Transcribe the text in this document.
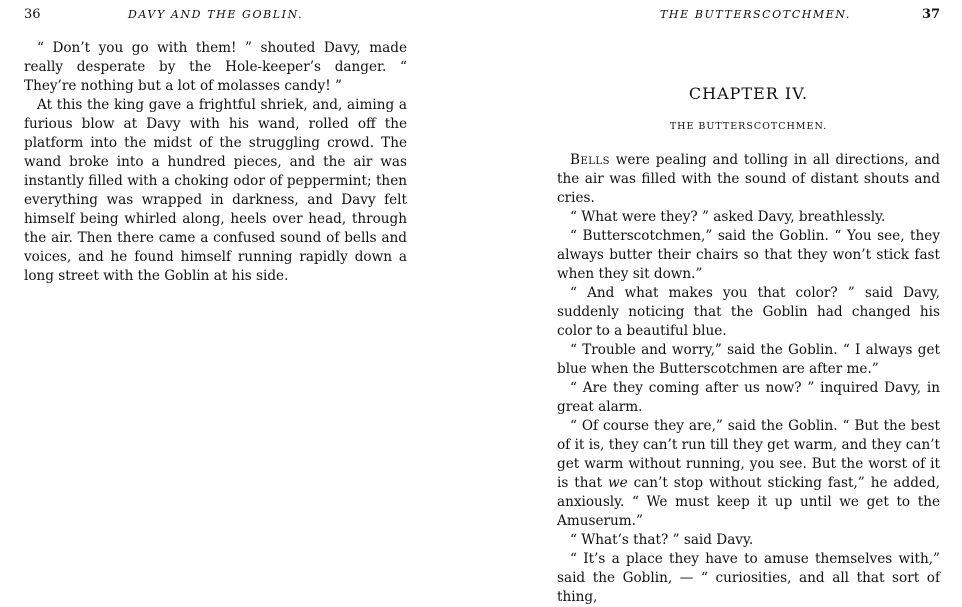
36	DAVY AND THE GOBLIN.

“ Don’t you go with them! ” shouted Davy, made really desperate by the Hole-keeper’s danger. “ They’re nothing but a lot of molasses candy! ”

At this the king gave a frightful shriek, and, aiming a furious blow at Davy with his wand, rolled off the platform into the midst of the struggling crowd. The wand broke into a hundred pieces, and the air was instantly filled with a choking odor of peppermint; then everything was wrapped in darkness, and Davy felt himself being whirled along, heels over head, through the air. Then there came a confused sound of bells and voices, and he found himself running rapidly down a long street with the Goblin at his side.

THE BUTTERSCOTCHMEN.	37
CHAPTER IV.
THE BUTTERSCOTCHMEN.

Bells were pealing and tolling in all directions, and the air was filled with the sound of distant shouts and cries.

“ What were they? ” asked Davy, breathlessly.

“ Butterscotchmen,” said the Goblin. “ You see, they always butter their chairs so that they won’t stick fast when they sit down.”

“ And what makes you that color? ” said Davy, suddenly noticing that the Goblin had changed his color to a beautiful blue.

“ Trouble and worry,” said the Goblin. “ I always get blue when the Butterscotchmen are after me.”

“ Are they coming after us now? ” inquired Davy, in great alarm.

“ Of course they are,” said the Goblin. “ But the best of it is, they can’t run till they get warm, and they can’t get warm without running, you see. But the worst of it is that we can’t stop without sticking fast,” he added, anxiously. “ We must keep it up until we get to the Amuserum.”

“ What’s that? ” said Davy.

“ It’s a place they have to amuse themselves with,” said the Goblin, — “ curiosities, and all that sort of thing,
